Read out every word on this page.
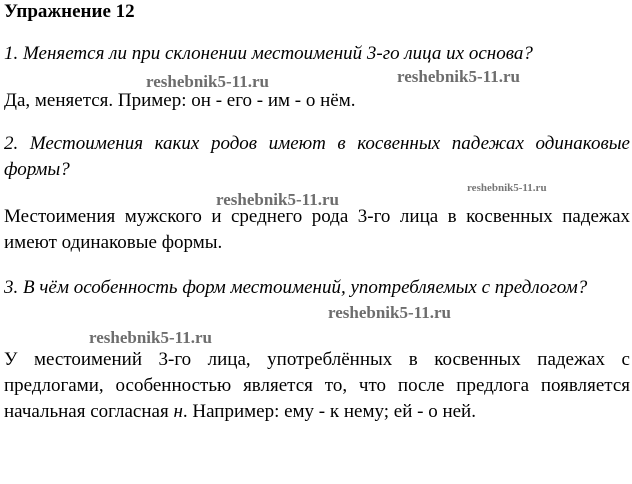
Упражнение 12
1. Меняется ли при склонении местоимений 3-го лица их основа?
Да, меняется. Пример: он - его - им - о нём.
2. Местоимения каких родов имеют в косвенных падежах одинаковые формы?
Местоимения мужского и среднего рода 3-го лица в косвенных падежах имеют одинаковые формы.
3. В чём особенность форм местоимений, употребляемых с предлогом?
У местоимений 3-го лица, употреблённых в косвенных падежах с предлогами, особенностью является то, что после предлога появляется начальная согласная н. Например: ему - к нему; ей - о ней.
reshebnik5-11.ru	reshebnik5-11.ru
reshebnik5-11.ru
reshebnik5-11.ru
reshebnik5-11.ru
reshebnik5-11.ru
